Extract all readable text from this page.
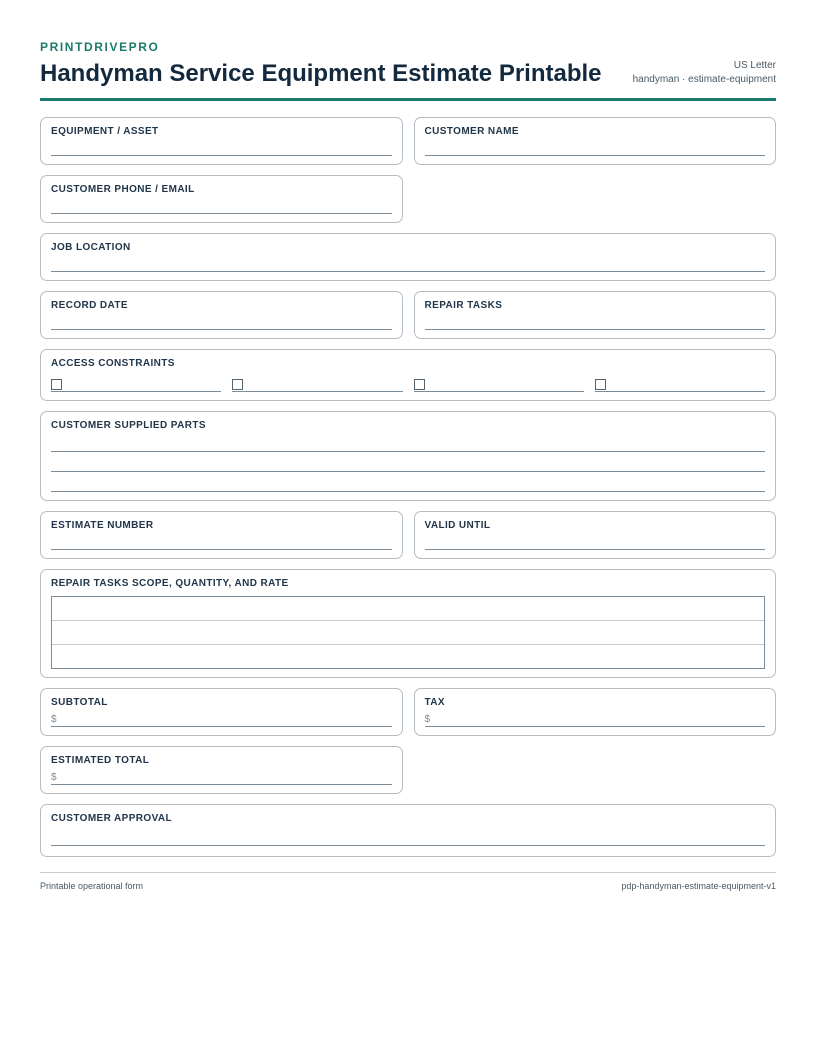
PRINTDRIVEPRO
Handyman Service Equipment Estimate Printable	US Letter
handyman · estimate-equipment
EQUIPMENT / ASSET	CUSTOMER NAME
CUSTOMER PHONE / EMAIL
JOB LOCATION
RECORD DATE	REPAIR TASKS
ACCESS CONSTRAINTS
CUSTOMER SUPPLIED PARTS
ESTIMATE NUMBER	VALID UNTIL
REPAIR TASKS SCOPE, QUANTITY, AND RATE
SUBTOTAL
$
TAX
$
ESTIMATED TOTAL
$
CUSTOMER APPROVAL
Printable operational form	pdp-handyman-estimate-equipment-v1
